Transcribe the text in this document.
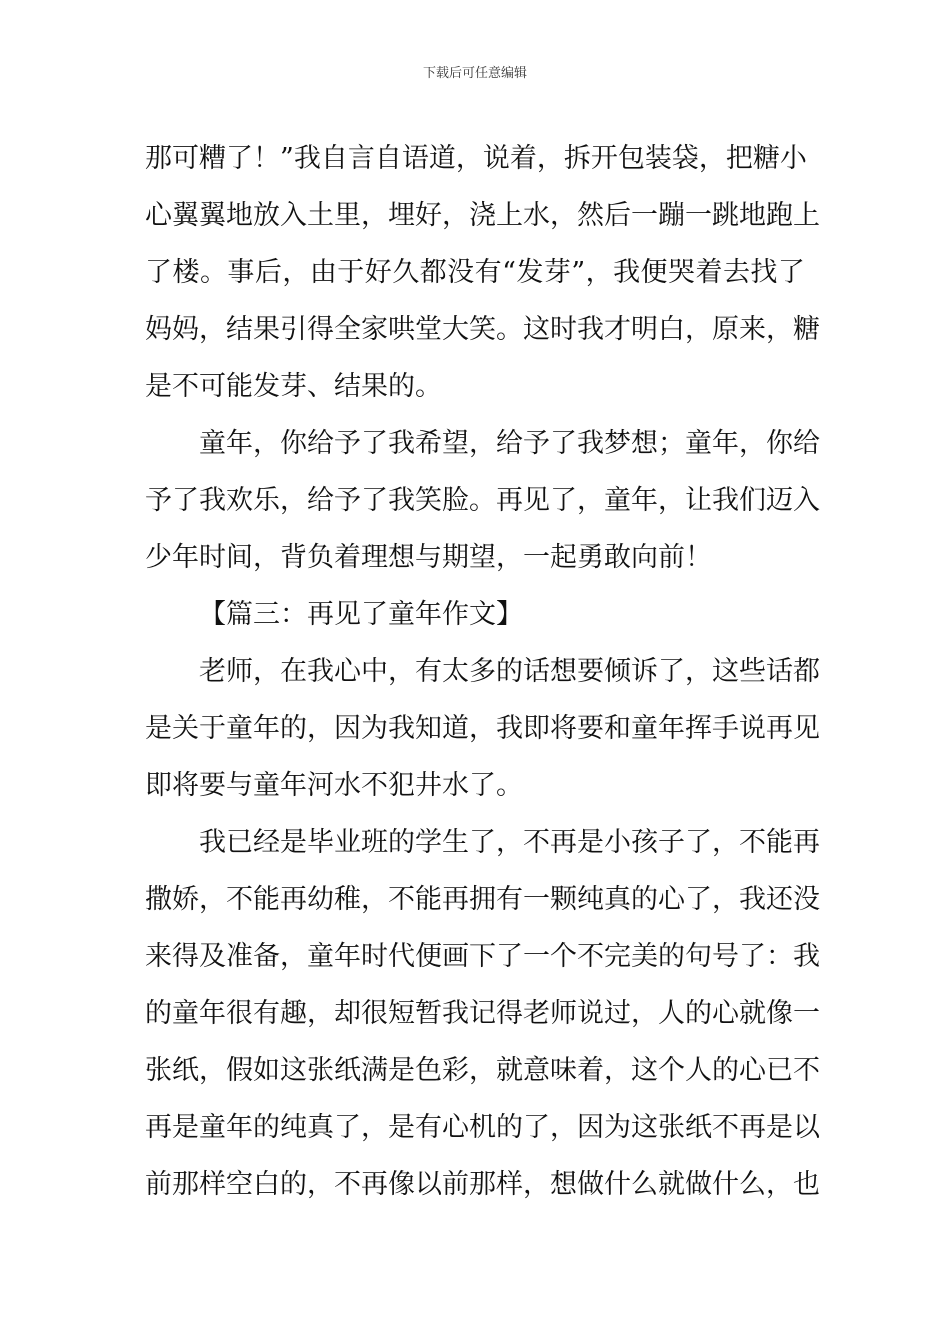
下载后可任意编辑
那 可 糟 了 ！ ” 我 自 言 自 语 道 ， 说 着 ， 拆 开 包 装 袋 ， 把 糖 小
心 翼 翼 地 放 入 土 里 ， 埋 好 ， 浇 上 水 ， 然 后 一 蹦 一 跳 地 跑 上
了 楼 。 事 后 ， 由 于 好 久 都 没 有 “ 发 芽 ” ， 我 便 哭 着 去 找 了
妈 妈 ， 结 果 引 得 全 家 哄 堂 大 笑 。 这 时 我 才 明 白 ， 原 来 ， 糖
是不可能发芽、结果的。
童 年 ， 你 给 予 了 我 希 望 ， 给 予 了 我 梦 想 ； 童 年 ， 你 给
予 了 我 欢 乐 ， 给 予 了 我 笑 脸 。 再 见 了 ， 童 年 ， 让 我 们 迈 入
少年时间，背负着理想与期望，一起勇敢向前！
【篇三：再见了童年作文】
老 师 ， 在 我 心 中 ， 有 太 多 的 话 想 要 倾 诉 了 ， 这 些 话 都
是 关 于 童 年 的 ， 因 为 我 知 道 ， 我 即 将 要 和 童 年 挥 手 说 再 见
即将要与童年河水不犯井水了。
我 已 经 是 毕 业 班 的 学 生 了 ， 不 再 是 小 孩 子 了 ， 不 能 再
撒 娇 ， 不 能 再 幼 稚 ， 不 能 再 拥 有 一 颗 纯 真 的 心 了 ， 我 还 没
来 得 及 准 备 ， 童 年 时 代 便 画 下 了 一 个 不 完 美 的 句 号 了 ： 我
的 童 年 很 有 趣 ， 却 很 短 暂 我 记 得 老 师 说 过 ， 人 的 心 就 像 一
张 纸 ， 假 如 这 张 纸 满 是 色 彩 ， 就 意 味 着 ， 这 个 人 的 心 已 不
再 是 童 年 的 纯 真 了 ， 是 有 心 机 的 了 ， 因 为 这 张 纸 不 再 是 以
前 那 样 空 白 的 ， 不 再 像 以 前 那 样 ， 想 做 什 么 就 做 什 么 ， 也
